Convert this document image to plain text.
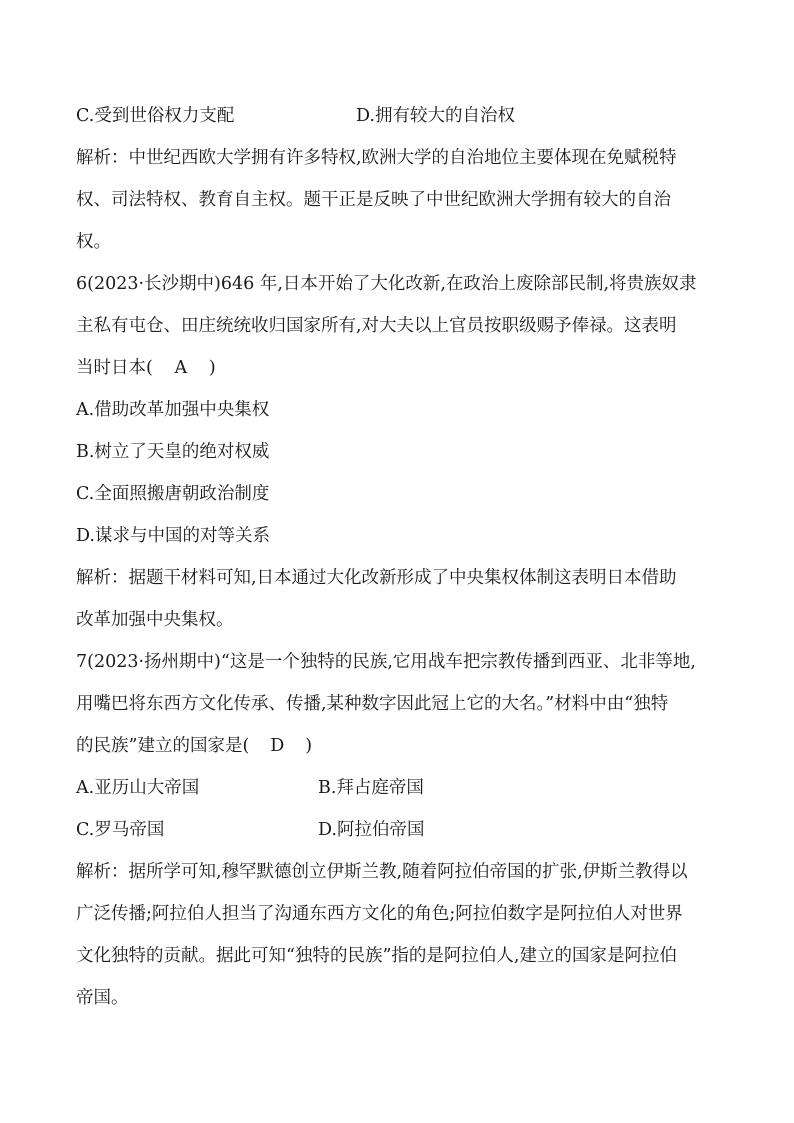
C.受到世俗权力支配	D.拥有较大的自治权
解析：中世纪西欧大学拥有许多特权,欧洲大学的自治地位主要体现在免赋税特
权、司法特权、教育自主权。题干正是反映了中世纪欧洲大学拥有较大的自治
权。
6(2023·长沙期中)646 年,日本开始了大化改新,在政治上废除部民制,将贵族奴隶
主私有屯仓、田庄统统收归国家所有,对大夫以上官员按职级赐予俸禄。这表明
当时日本( A )
A.借助改革加强中央集权
B.树立了天皇的绝对权威
C.全面照搬唐朝政治制度
D.谋求与中国的对等关系
解析：据题干材料可知,日本通过大化改新形成了中央集权体制这表明日本借助
改革加强中央集权。
7(2023·扬州期中)“这是一个独特的民族,它用战车把宗教传播到西亚、北非等地,
用嘴巴将东西方文化传承、传播,某种数字因此冠上它的大名。”材料中由“独特
的民族”建立的国家是( D )
A.亚历山大帝国	B.拜占庭帝国
C.罗马帝国	D.阿拉伯帝国
解析：据所学可知,穆罕默德创立伊斯兰教,随着阿拉伯帝国的扩张,伊斯兰教得以
广泛传播;阿拉伯人担当了沟通东西方文化的角色;阿拉伯数字是阿拉伯人对世界
文化独特的贡献。据此可知“独特的民族”指的是阿拉伯人,建立的国家是阿拉伯
帝国。
